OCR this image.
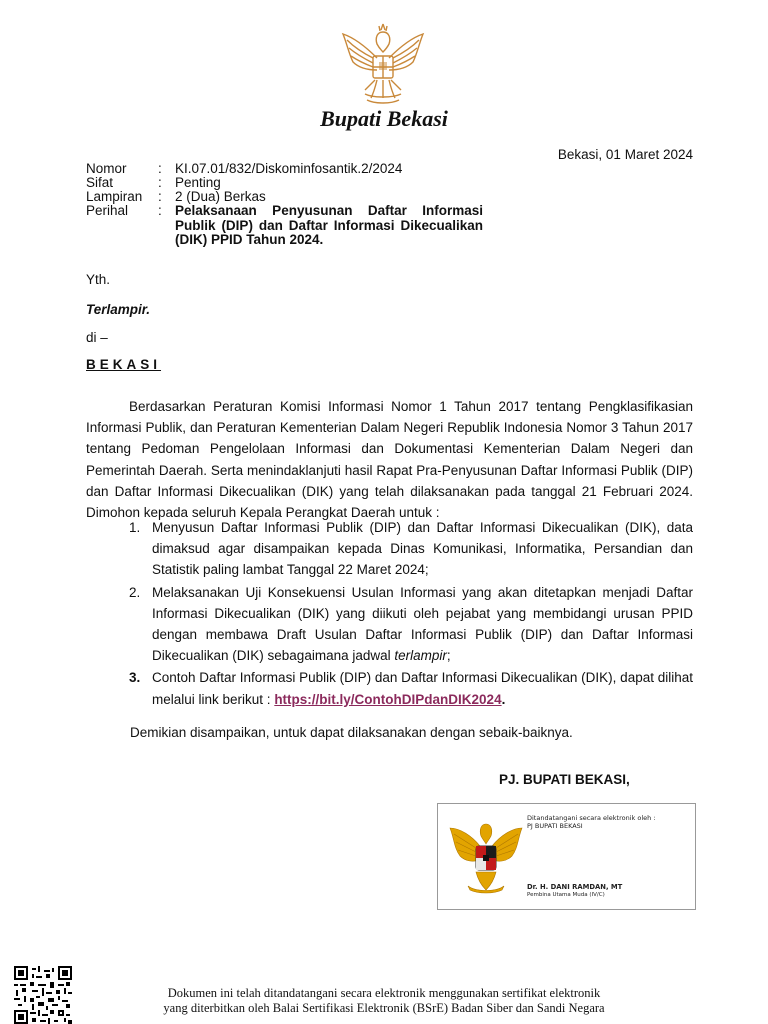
Bupati Bekasi
Bekasi, 01 Maret 2024
Nomor : KI.07.01/832/Diskominfosantik.2/2024
Sifat	: Penting
Lampiran : 2 (Dua) Berkas
Perihal : Pelaksanaan Penyusunan Daftar Informasi Publik (DIP) dan Daftar Informasi Dikecualikan (DIK) PPID Tahun 2024.
Yth.
Terlampir.
di –
BEKASI
Berdasarkan Peraturan Komisi Informasi Nomor 1 Tahun 2017 tentang Pengklasifikasian Informasi Publik, dan Peraturan Kementerian Dalam Negeri Republik Indonesia Nomor 3 Tahun 2017 tentang Pedoman Pengelolaan Informasi dan Dokumentasi Kementerian Dalam Negeri dan Pemerintah Daerah. Serta menindaklanjuti hasil Rapat Pra-Penyusunan Daftar Informasi Publik (DIP) dan Daftar Informasi Dikecualikan (DIK) yang telah dilaksanakan pada tanggal 21 Februari 2024. Dimohon kepada seluruh Kepala Perangkat Daerah untuk :
1. Menyusun Daftar Informasi Publik (DIP) dan Daftar Informasi Dikecualikan (DIK), data dimaksud agar disampaikan kepada Dinas Komunikasi, Informatika, Persandian dan Statistik paling lambat Tanggal 22 Maret 2024;
2. Melaksanakan Uji Konsekuensi Usulan Informasi yang akan ditetapkan menjadi Daftar Informasi Dikecualikan (DIK) yang diikuti oleh pejabat yang membidangi urusan PPID dengan membawa Draft Usulan Daftar Informasi Publik (DIP) dan Daftar Informasi Dikecualikan (DIK) sebagaimana jadwal terlampir;
3. Contoh Daftar Informasi Publik (DIP) dan Daftar Informasi Dikecualikan (DIK), dapat dilihat melalui link berikut : https://bit.ly/ContohDIPdanDIK2024.
Demikian disampaikan, untuk dapat dilaksanakan dengan sebaik-baiknya.
PJ. BUPATI BEKASI,
Ditandatangani secara elektronik oleh :
PJ BUPATI BEKASI
Dr. H. DANI RAMDAN, MT
Pembina Utama Muda (IV/C)
Dokumen ini telah ditandatangani secara elektronik menggunakan sertifikat elektronik
yang diterbitkan oleh Balai Sertifikasi Elektronik (BSrE) Badan Siber dan Sandi Negara
